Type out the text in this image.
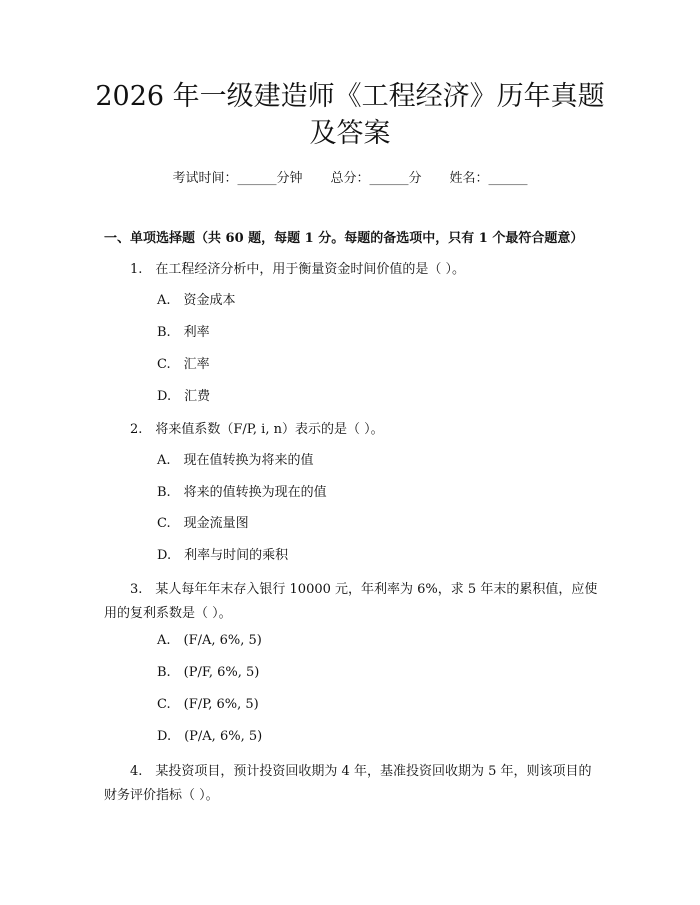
2026 年一级建造师《工程经济》历年真题及答案
考试时间：______分钟 总分：______分 姓名：______
一、单项选择题（共 60 题，每题 1 分。每题的备选项中，只有 1 个最符合题意）
1.　在工程经济分析中，用于衡量资金时间价值的是（ ）。
A.　资金成本
B.　利率
C.　汇率
D.　汇费
2.　将来值系数（F/P, i, n）表示的是（ ）。
A.　现在值转换为将来的值
B.　将来的值转换为现在的值
C.　现金流量图
D.　利率与时间的乘积
3.　某人每年年末存入银行 10000 元，年利率为 6%，求 5 年末的累积值，应使用的复利系数是（ ）。
A.　(F/A, 6%, 5)
B.　(P/F, 6%, 5)
C.　(F/P, 6%, 5)
D.　(P/A, 6%, 5)
4.　某投资项目，预计投资回收期为 4 年，基准投资回收期为 5 年，则该项目的财务评价指标（ ）。
